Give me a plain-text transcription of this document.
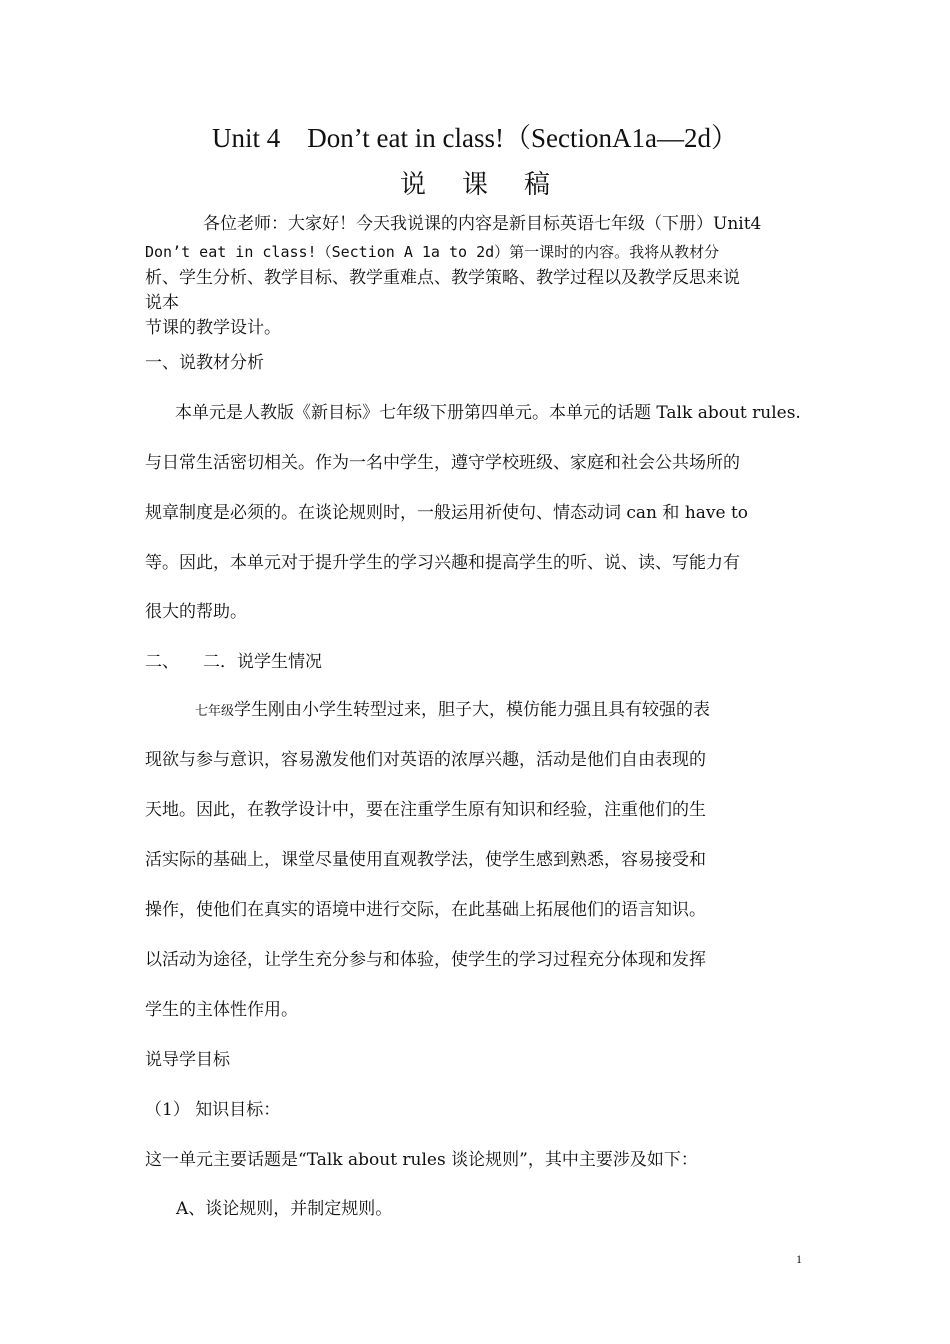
Unit 4　Don’t eat in class!（SectionA1a—2d）
说课稿
各位老师：大家好！今天我说课的内容是新目标英语七年级（下册）Unit4
Don’t eat in class!（Section A 1a to 2d）第一课时的内容。我将从教材分
析、学生分析、教学目标、教学重难点、教学策略、教学过程以及教学反思来说
说本
节课的教学设计。
一、说教材分析
本单元是人教版《新目标》七年级下册第四单元。本单元的话题 Talk about rules.
与日常生活密切相关。作为一名中学生，遵守学校班级、家庭和社会公共场所的
规章制度是必须的。在谈论规则时，一般运用祈使句、情态动词 can 和 have to
等。因此，本单元对于提升学生的学习兴趣和提高学生的听、说、读、写能力有
很大的帮助。
二、 二．说学生情况
七年级学生刚由小学生转型过来，胆子大，模仿能力强且具有较强的表
现欲与参与意识，容易激发他们对英语的浓厚兴趣，活动是他们自由表现的
天地。因此，在教学设计中，要在注重学生原有知识和经验，注重他们的生
活实际的基础上，课堂尽量使用直观教学法，使学生感到熟悉，容易接受和
操作，使他们在真实的语境中进行交际，在此基础上拓展他们的语言知识。
以活动为途径，让学生充分参与和体验，使学生的学习过程充分体现和发挥
学生的主体性作用。
说导学目标
（1） 知识目标：
这一单元主要话题是“Talk about rules 谈论规则”，其中主要涉及如下：
A、谈论规则，并制定规则。
1
